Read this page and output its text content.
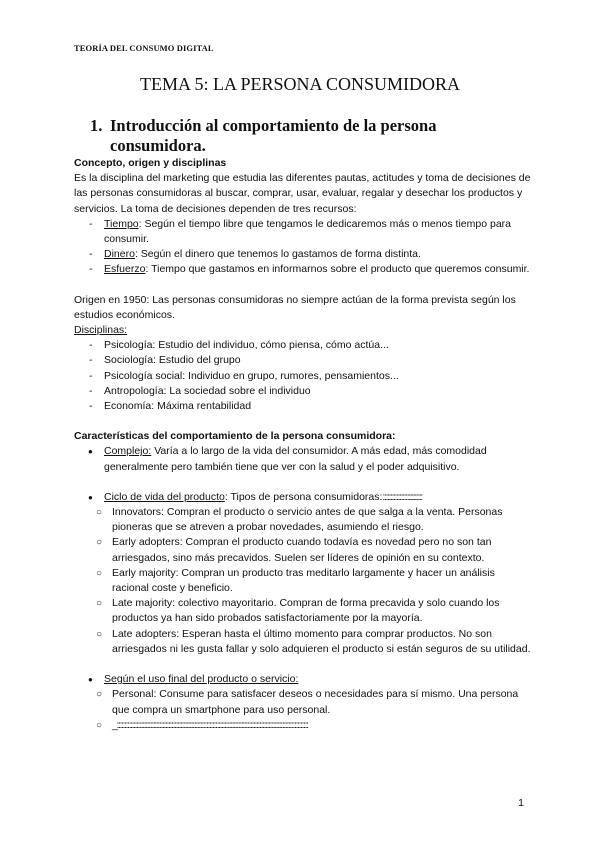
TEORÍA DEL CONSUMO DIGITAL
TEMA 5: LA PERSONA CONSUMIDORA
1. Introducción al comportamiento de la persona consumidora.

Concepto, origen y disciplinas

Es la disciplina del marketing que estudia las diferentes pautas, actitudes y toma de decisiones de las personas consumidoras al buscar, comprar, usar, evaluar, regalar y desechar los productos y servicios. La toma de decisiones dependen de tres recursos:

- Tiempo: Según el tiempo libre que tengamos le dedicaremos más o menos tiempo para consumir.
- Dinero: Según el dinero que tenemos lo gastamos de forma distinta.
- Esfuerzo: Tiempo que gastamos en informarnos sobre el producto que queremos consumir.

Origen en 1950: Las personas consumidoras no siempre actúan de la forma prevista según los estudios económicos.

Disciplinas:

- Psicología: Estudio del individuo, cómo piensa, cómo actúa...
- Sociología: Estudio del grupo
- Psicología social: Individuo en grupo, rumores, pensamientos...
- Antropología: La sociedad sobre el individuo
- Economía: Máxima rentabilidad

Características del comportamiento de la persona consumidora:

● Complejo: Varía a lo largo de la vida del consumidor. A más edad, más comodidad generalmente pero también tiene que ver con la salud y el poder adquisitivo.
● Ciclo de vida del producto: Tipos de persona consumidoras:::::::::::::::::::::::::::
○ Innovators: Compran el producto o servicio antes de que salga a la venta. Personas pioneras que se atreven a probar novedades, asumiendo el riesgo.
○ Early adopters: Compran el producto cuando todavía es novedad pero no son tan arriesgados, sino más precavidos. Suelen ser líderes de opinión en su contexto.
○ Early majority: Compran un producto tras meditarlo largamente y hacer un análisis racional coste y beneficio.
○ Late majority: colectivo mayoritario. Compran de forma precavida y solo cuando los productos ya han sido probados satisfactoriamente por la mayoría.
○ Late adopters: Esperan hasta el último momento para comprar productos. No son arriesgados ni les gusta fallar y solo adquieren el producto si están seguros de su utilidad.
● Según el uso final del producto o servicio:
○ Personal: Consume para satisfacer deseos o necesidades para sí mismo. Una persona que compra un smartphone para uso personal.
○ _::::::::::::::::::::::::::::::::::::::::::::::::::::::::::::::::::::::::::::::::::::::::::::::::::::::::::::::::::::::::::::::
1
